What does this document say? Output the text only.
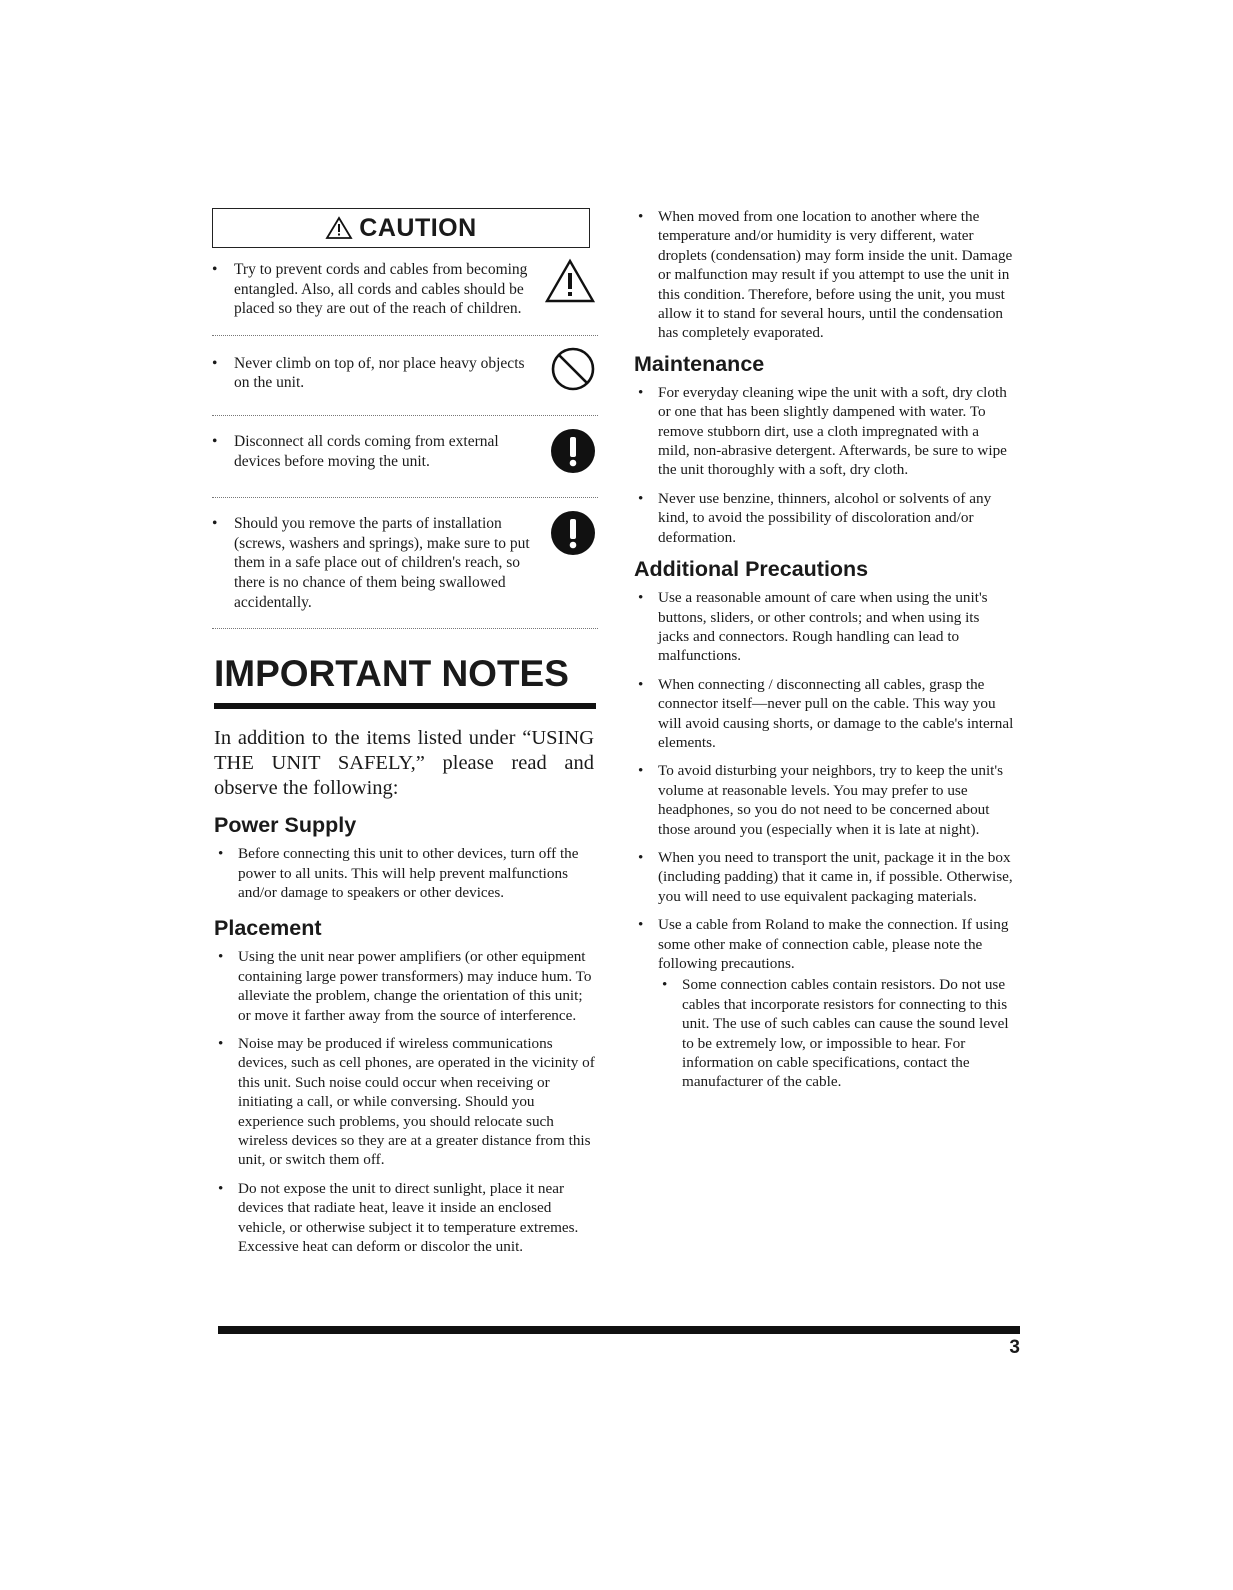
CAUTION
• Try to prevent cords and cables from becoming entangled. Also, all cords and cables should be placed so they are out of the reach of children.
• Never climb on top of, nor place heavy objects on the unit.
• Disconnect all cords coming from external devices before moving the unit.
• Should you remove the parts of installation (screws, washers and springs), make sure to put them in a safe place out of children's reach, so there is no chance of them being swallowed accidentally.
IMPORTANT NOTES
In addition to the items listed under “USING THE UNIT SAFELY,” please read and observe the following:
Power Supply
• Before connecting this unit to other devices, turn off the power to all units. This will help prevent malfunctions and/or damage to speakers or other devices.
Placement
• Using the unit near power amplifiers (or other equipment containing large power transformers) may induce hum. To alleviate the problem, change the orientation of this unit; or move it farther away from the source of interference.
• Noise may be produced if wireless communications devices, such as cell phones, are operated in the vicinity of this unit. Such noise could occur when receiving or initiating a call, or while conversing. Should you experience such problems, you should relocate such wireless devices so they are at a greater distance from this unit, or switch them off.
• Do not expose the unit to direct sunlight, place it near devices that radiate heat, leave it inside an enclosed vehicle, or otherwise subject it to temperature extremes. Excessive heat can deform or discolor the unit.
• When moved from one location to another where the temperature and/or humidity is very different, water droplets (condensation) may form inside the unit. Damage or malfunction may result if you attempt to use the unit in this condition. Therefore, before using the unit, you must allow it to stand for several hours, until the condensation has completely evaporated.
Maintenance
• For everyday cleaning wipe the unit with a soft, dry cloth or one that has been slightly dampened with water. To remove stubborn dirt, use a cloth impregnated with a mild, non-abrasive detergent. Afterwards, be sure to wipe the unit thoroughly with a soft, dry cloth.
• Never use benzine, thinners, alcohol or solvents of any kind, to avoid the possibility of discoloration and/or deformation.
Additional Precautions
• Use a reasonable amount of care when using the unit's buttons, sliders, or other controls; and when using its jacks and connectors. Rough handling can lead to malfunctions.
• When connecting / disconnecting all cables, grasp the connector itself—never pull on the cable. This way you will avoid causing shorts, or damage to the cable's internal elements.
• To avoid disturbing your neighbors, try to keep the unit's volume at reasonable levels. You may prefer to use headphones, so you do not need to be concerned about those around you (especially when it is late at night).
• When you need to transport the unit, package it in the box (including padding) that it came in, if possible. Otherwise, you will need to use equivalent packaging materials.
• Use a cable from Roland to make the connection. If using some other make of connection cable, please note the following precautions.
• Some connection cables contain resistors. Do not use cables that incorporate resistors for connecting to this unit. The use of such cables can cause the sound level to be extremely low, or impossible to hear. For information on cable specifications, contact the manufacturer of the cable.
3
